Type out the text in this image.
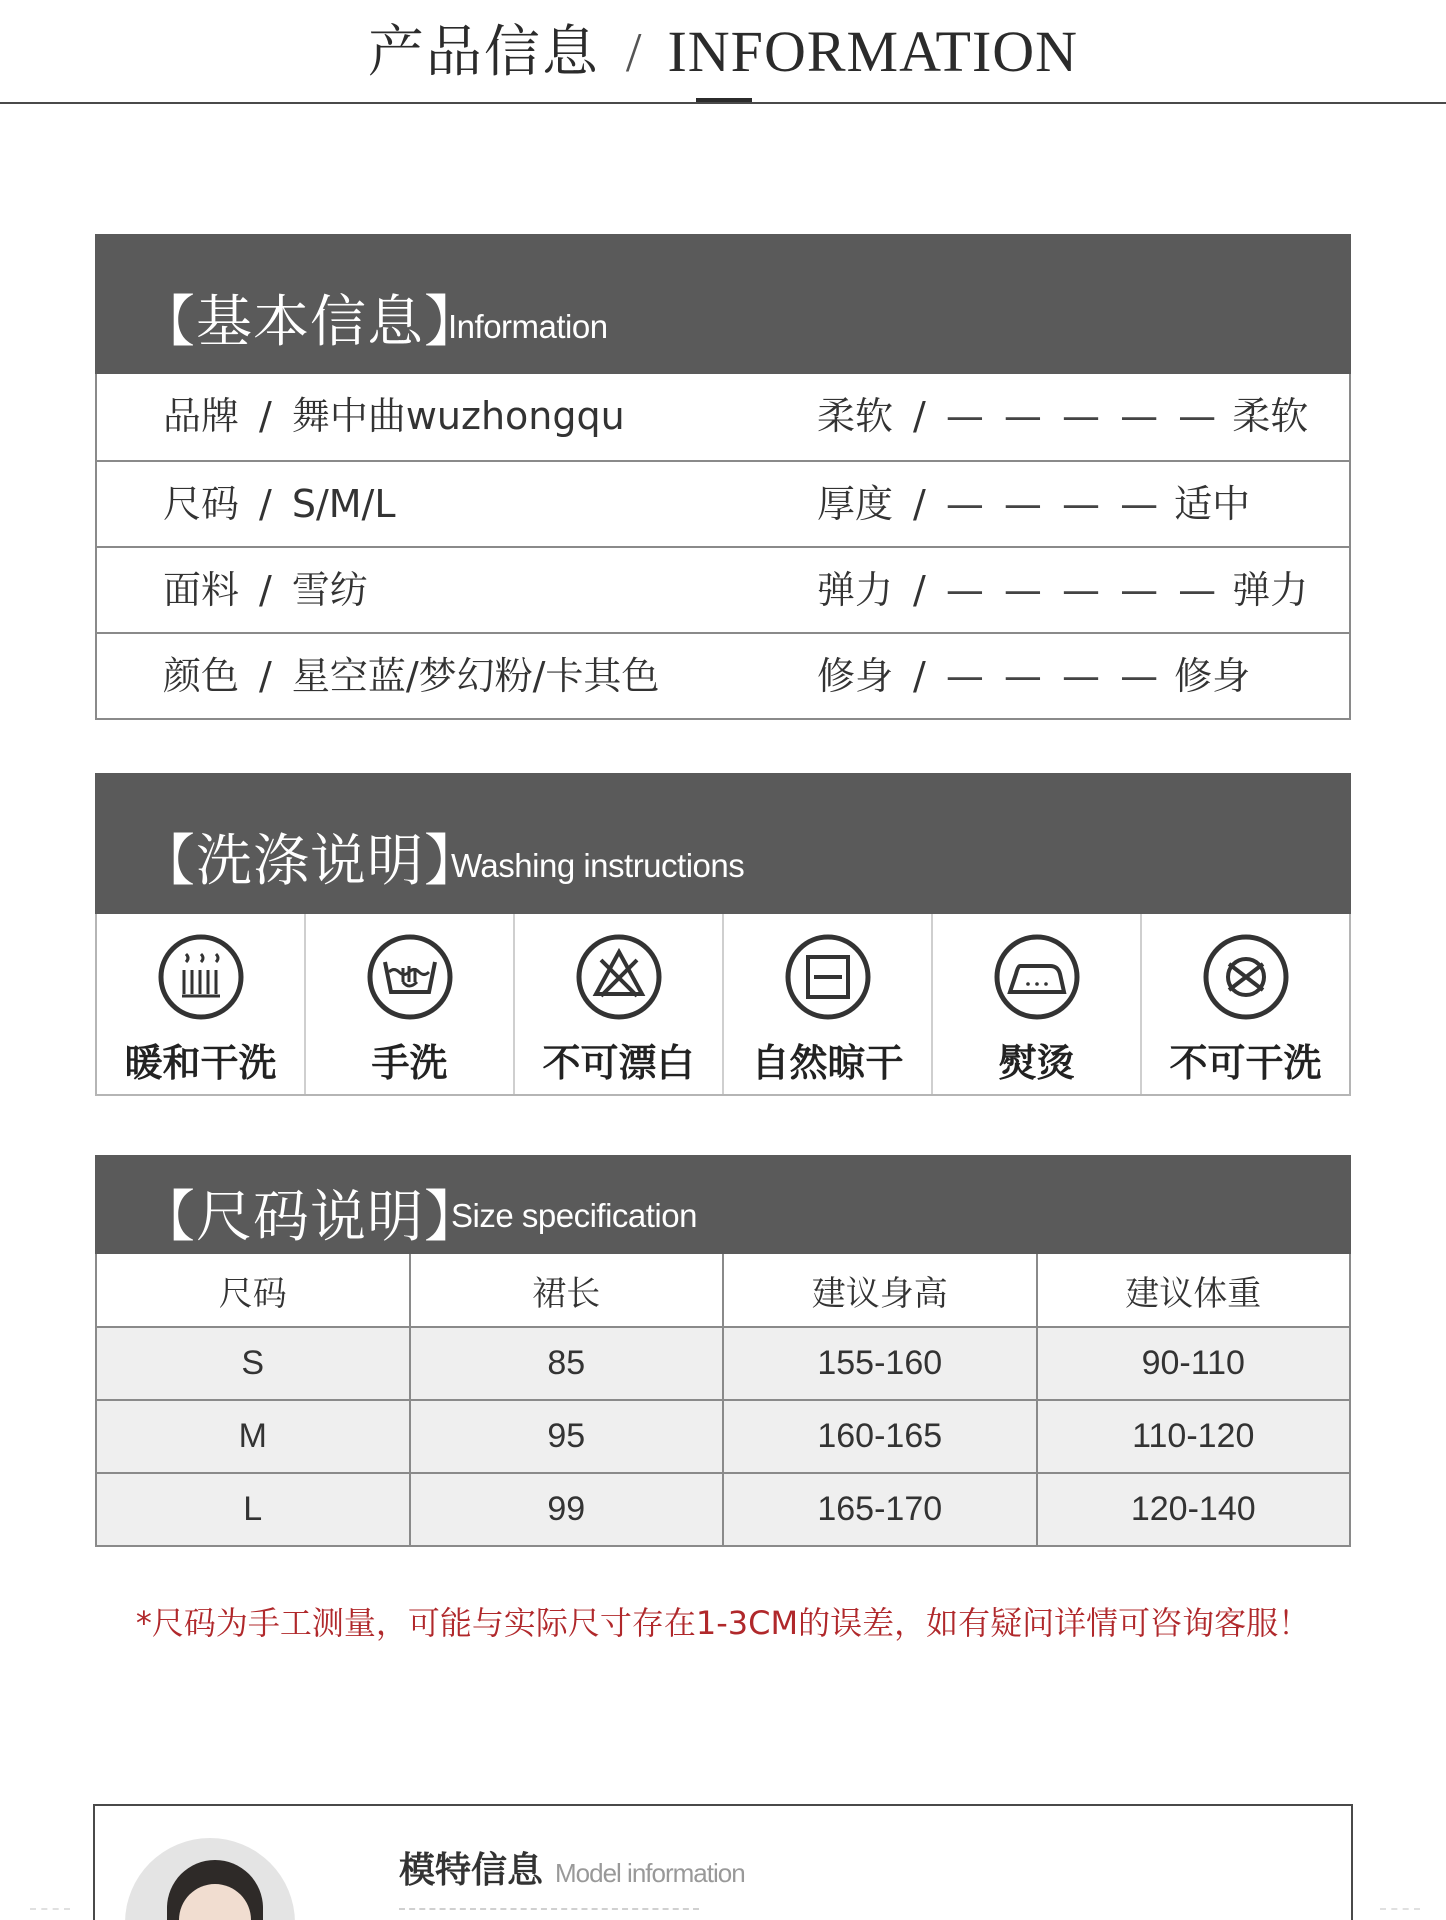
产品信息 / INFORMATION
【基本信息】
Information
品牌 / 舞中曲wuzhongqu	柔软 / — — — — — 柔软
尺码 / S/M/L	厚度 / — — — — 适中
面料 / 雪纺	弹力 / — — — — — 弹力
颜色 / 星空蓝/梦幻粉/卡其色	修身 / — — — — 修身
【洗涤说明】
Washing instructions
暖和干洗	手洗	不可漂白	自然晾干	熨烫	不可干洗
【尺码说明】
Size specification
尺码	裙长	建议身高	建议体重
S	85	155-160	90-110
M	95	160-165	110-120
L	99	165-170	120-140
*尺码为手工测量，可能与实际尺寸存在1-3CM的误差，如有疑问详情可咨询客服！
模特信息 Model information
